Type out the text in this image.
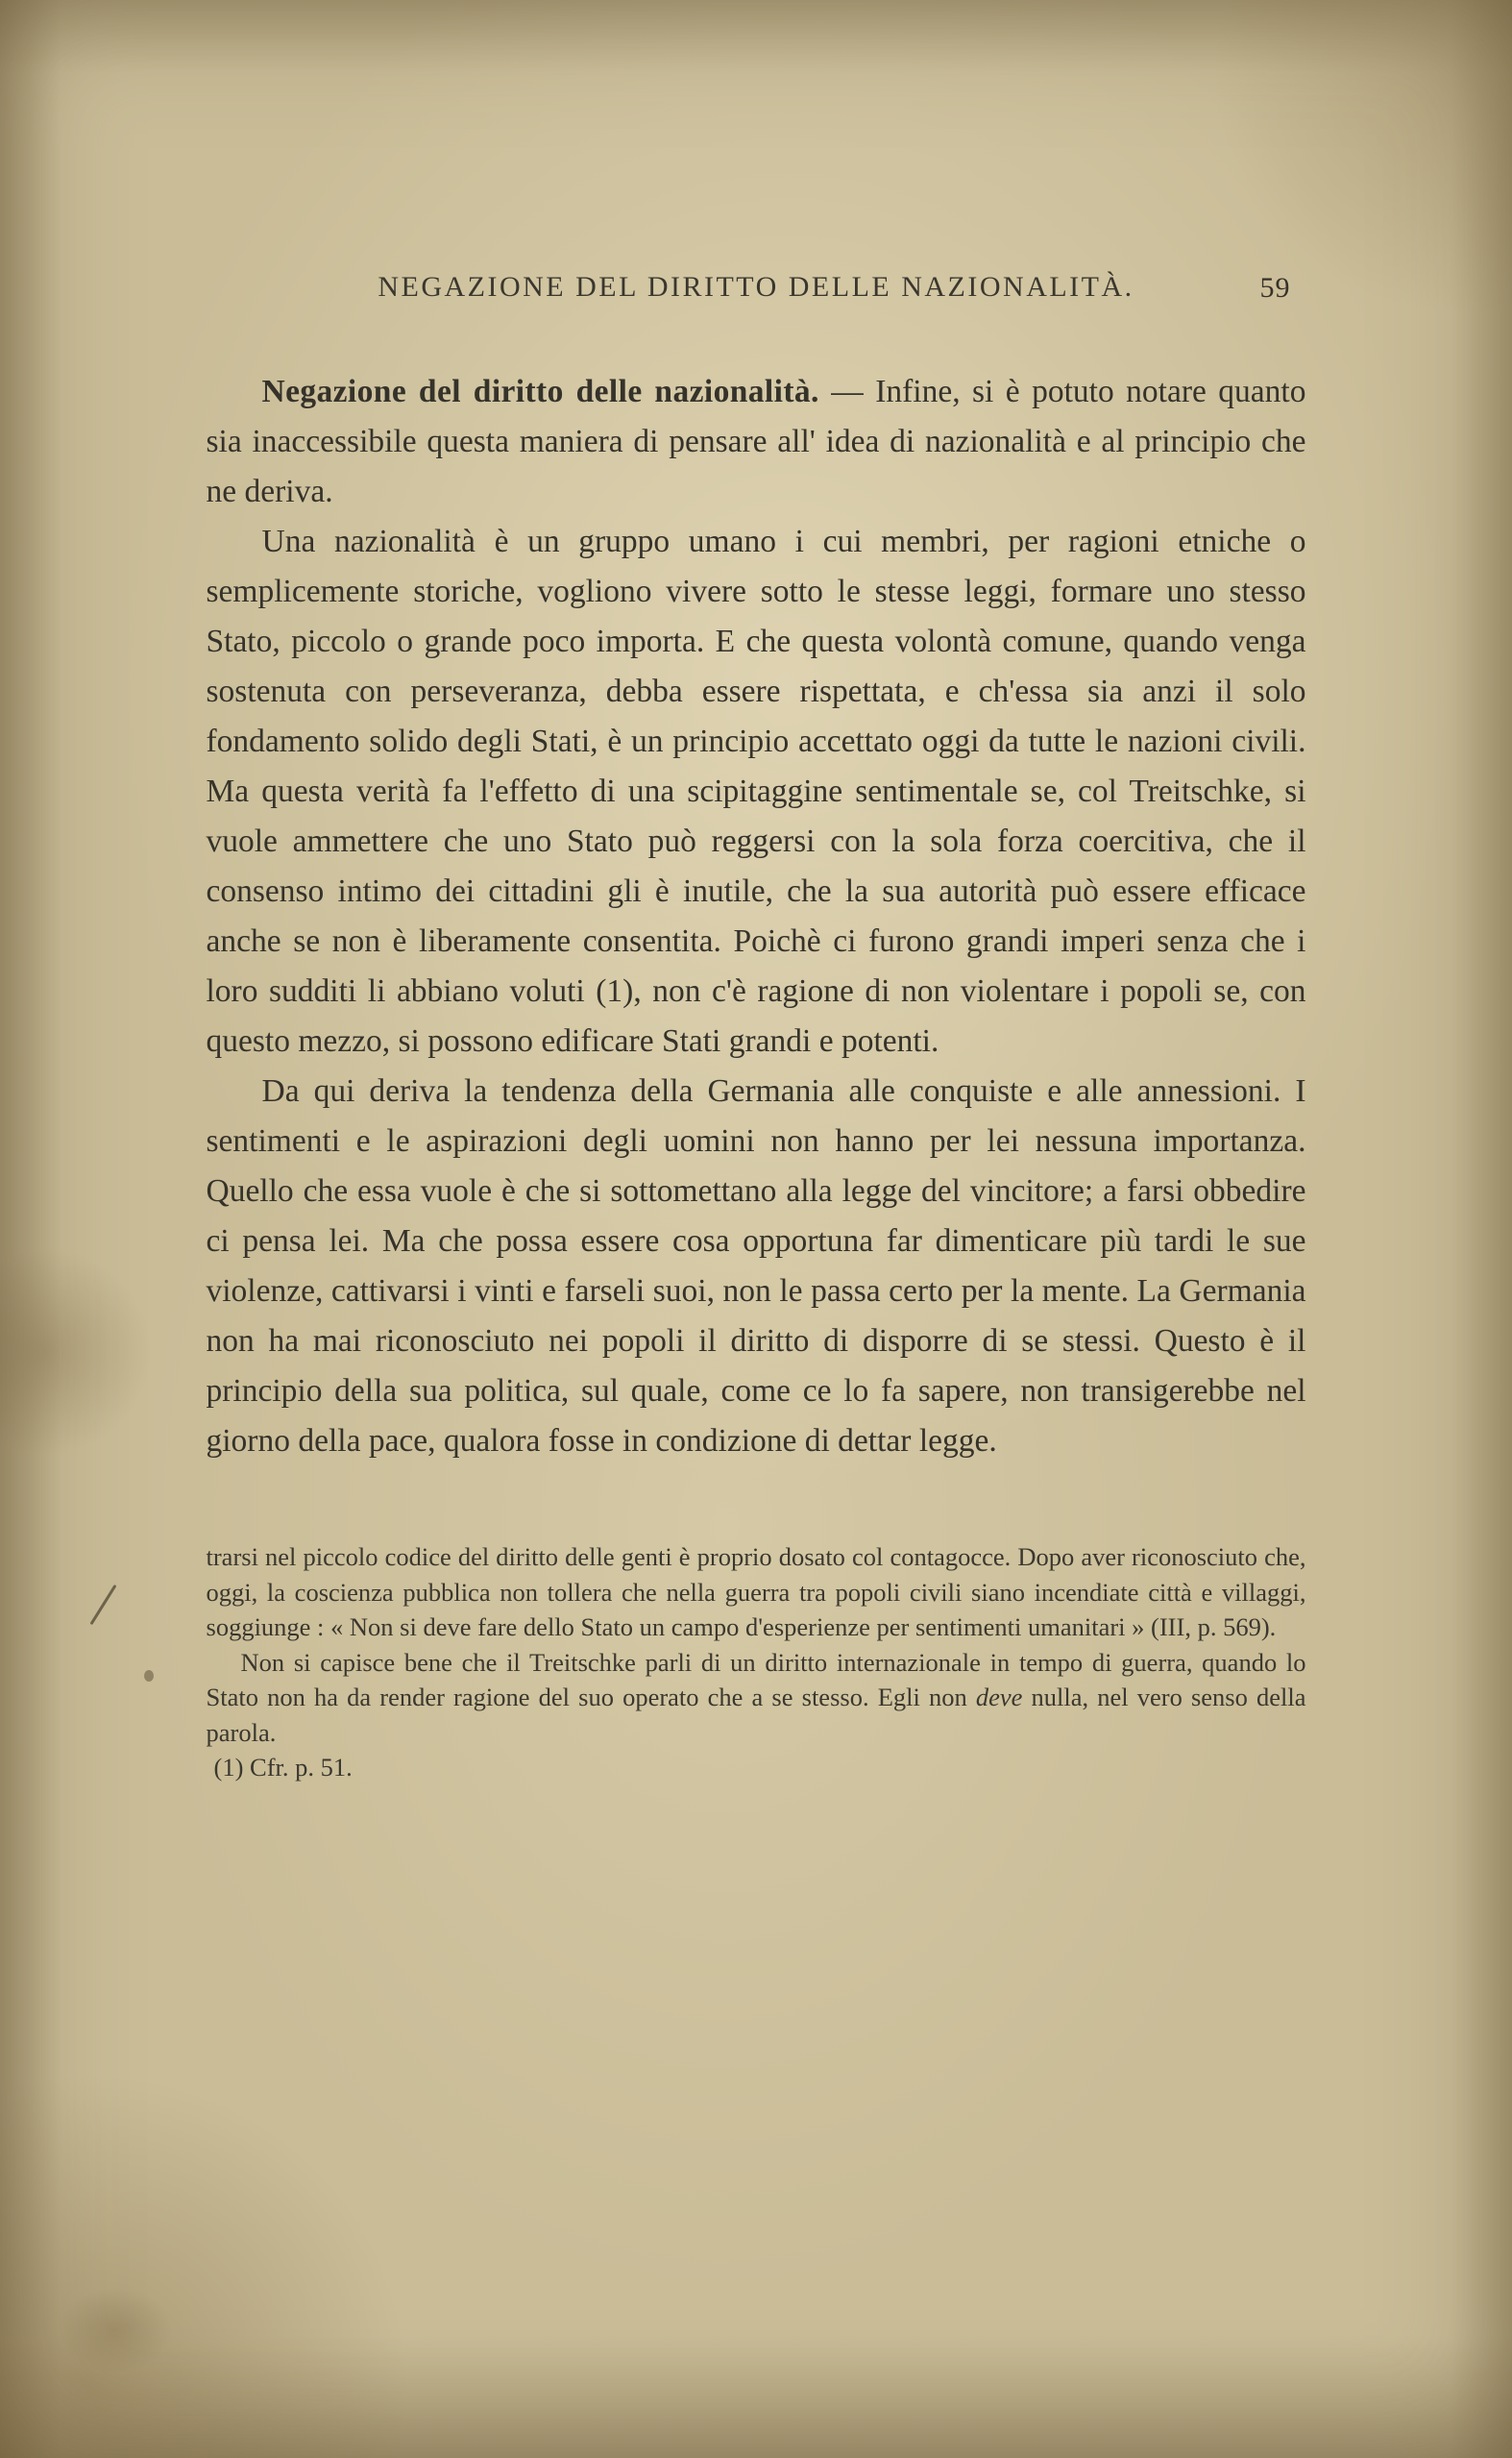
NEGAZIONE DEL DIRITTO DELLE NAZIONALITÀ.	59

Negazione del diritto delle nazionalità. — Infine, si è potuto notare quanto sia inaccessibile questa maniera di pensare all' idea di nazionalità e al principio che ne deriva.

Una nazionalità è un gruppo umano i cui membri, per ragioni etniche o semplicemente storiche, vogliono vivere sotto le stesse leggi, formare uno stesso Stato, piccolo o grande poco importa. E che questa volontà comune, quando venga sostenuta con perseveranza, debba essere rispettata, e ch'essa sia anzi il solo fondamento solido degli Stati, è un principio accettato oggi da tutte le nazioni civili. Ma questa verità fa l'effetto di una scipitaggine sentimentale se, col Treitschke, si vuole ammettere che uno Stato può reggersi con la sola forza coercitiva, che il consenso intimo dei cittadini gli è inutile, che la sua autorità può essere efficace anche se non è liberamente consentita. Poichè ci furono grandi imperi senza che i loro sudditi li abbiano voluti (1), non c'è ragione di non violentare i popoli se, con questo mezzo, si possono edificare Stati grandi e potenti.

Da qui deriva la tendenza della Germania alle conquiste e alle annessioni. I sentimenti e le aspirazioni degli uomini non hanno per lei nessuna importanza. Quello che essa vuole è che si sottomettano alla legge del vincitore; a farsi obbedire ci pensa lei. Ma che possa essere cosa opportuna far dimenticare più tardi le sue violenze, cattivarsi i vinti e farseli suoi, non le passa certo per la mente. La Germania non ha mai riconosciuto nei popoli il diritto di disporre di se stessi. Questo è il principio della sua politica, sul quale, come ce lo fa sapere, non transigerebbe nel giorno della pace, qualora fosse in condizione di dettar legge.

trarsi nel piccolo codice del diritto delle genti è proprio dosato col contagocce. Dopo aver riconosciuto che, oggi, la coscienza pubblica non tollera che nella guerra tra popoli civili siano incendiate città e villaggi, soggiunge : « Non si deve fare dello Stato un campo d'esperienze per sentimenti umanitari » (III, p. 569).

Non si capisce bene che il Treitschke parli di un diritto internazionale in tempo di guerra, quando lo Stato non ha da render ragione del suo operato che a se stesso. Egli non deve nulla, nel vero senso della parola.

(1) Cfr. p. 51.
